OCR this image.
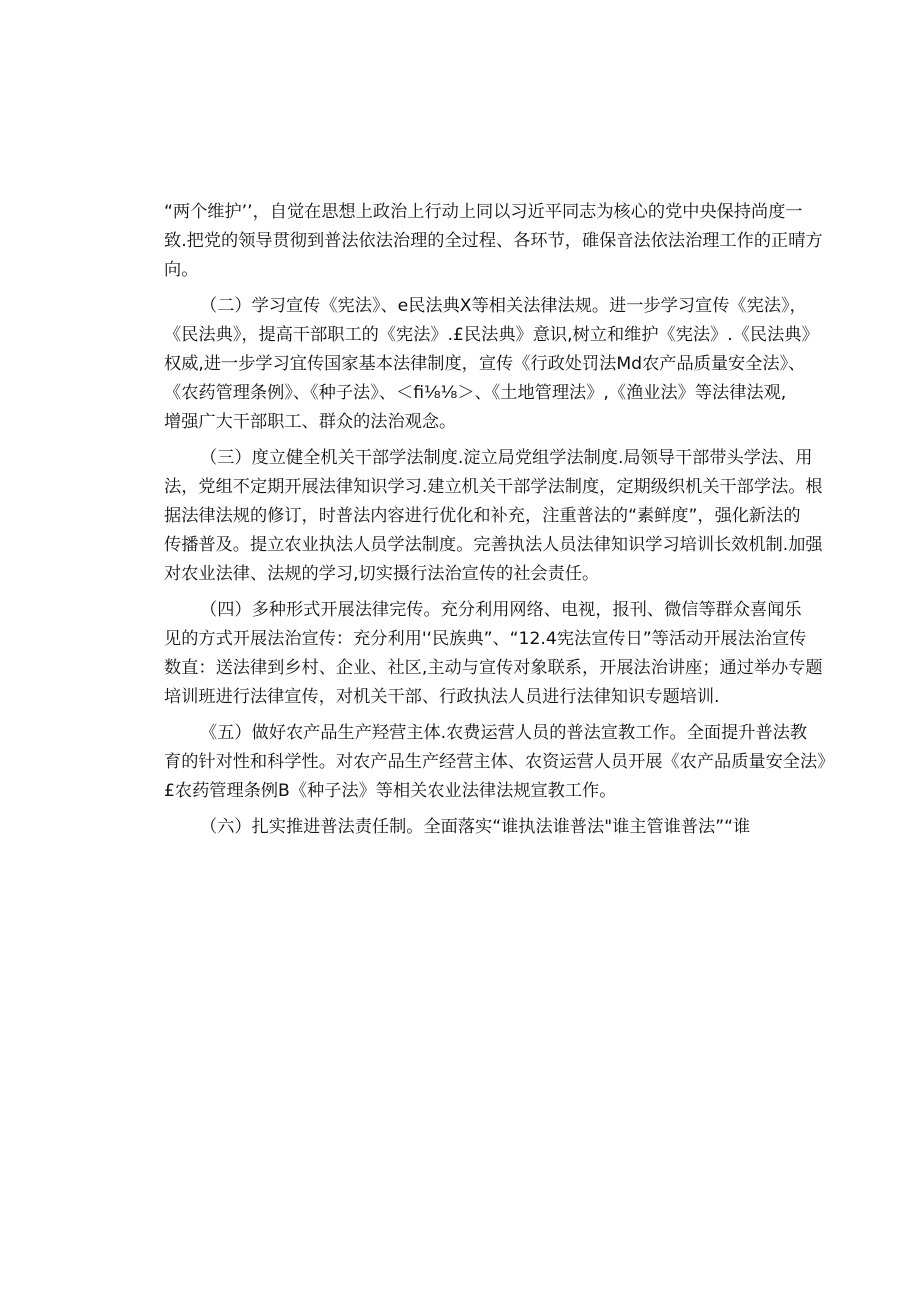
“两个维护’’，自觉在思想上政治上行动上同以习近平同志为核心的党中央保持尚度一
致.把党的领导贯彻到普法依法治理的全过程、各环节，碓保音法依法治理工作的正晴方
向。
（二）学习宣传《宪法》、e民法典X等相关法律法规。进一步学习宣传《宪法》，
《民法典》，提高干部职工的《宪法》.£民法典》意识,树立和维护《宪法》.《民法典》
权威,进一步学习宜传国家基本法律制度，宣传《行政处罚法Md农产品质量安全法》、
《农药管理条例》、《种子法》、＜fi⅛⅛＞、《土地管理法》,《渔业法》等法律法观,
增强广大干部职工、群众的法治观念。
（三）度立健全机关干部学法制度.淀立局党组学法制度.局领导干部带头学法、用
法，党组不定期开展法律知识学习.建立机关干部学法制度，定期级织机关干部学法。根
据法律法规的修订，时普法内容进行优化和补充，注重普法的“素鲜度”，强化新法的
传播普及。提立农业执法人员学法制度。完善执法人员法律知识学习培训长效机制.加强
对农业法律、法规的学习,切实摄行法治宣传的社会责任。
（四）多种形式开展法律完传。充分利用网络、电视，报刊、微信等群众喜闻乐
见的方式开展法治宣传：充分利用'‘民族典”、“12.4宪法宣传日”等活动开展法治宣传
数直：送法律到乡村、企业、社区,主动与宣传对象联系，开展法治讲座；通过举办专题
培训班进行法律宣传，对机关干部、行政执法人员进行法律知识专题培训.
《五）做好农产品生产羟营主体.农费运营人员的普法宣教工作。全面提升普法教
育的针对性和科学性。对农产品生产经营主体、农资运营人员开展《农产品质量安全法》
£农药管理条例B《种子法》等相关农业法律法规宣教工作。
（六）扎实推进普法责任制。全面落实“谁执法谁普法"谁主管谁普法”“谁
